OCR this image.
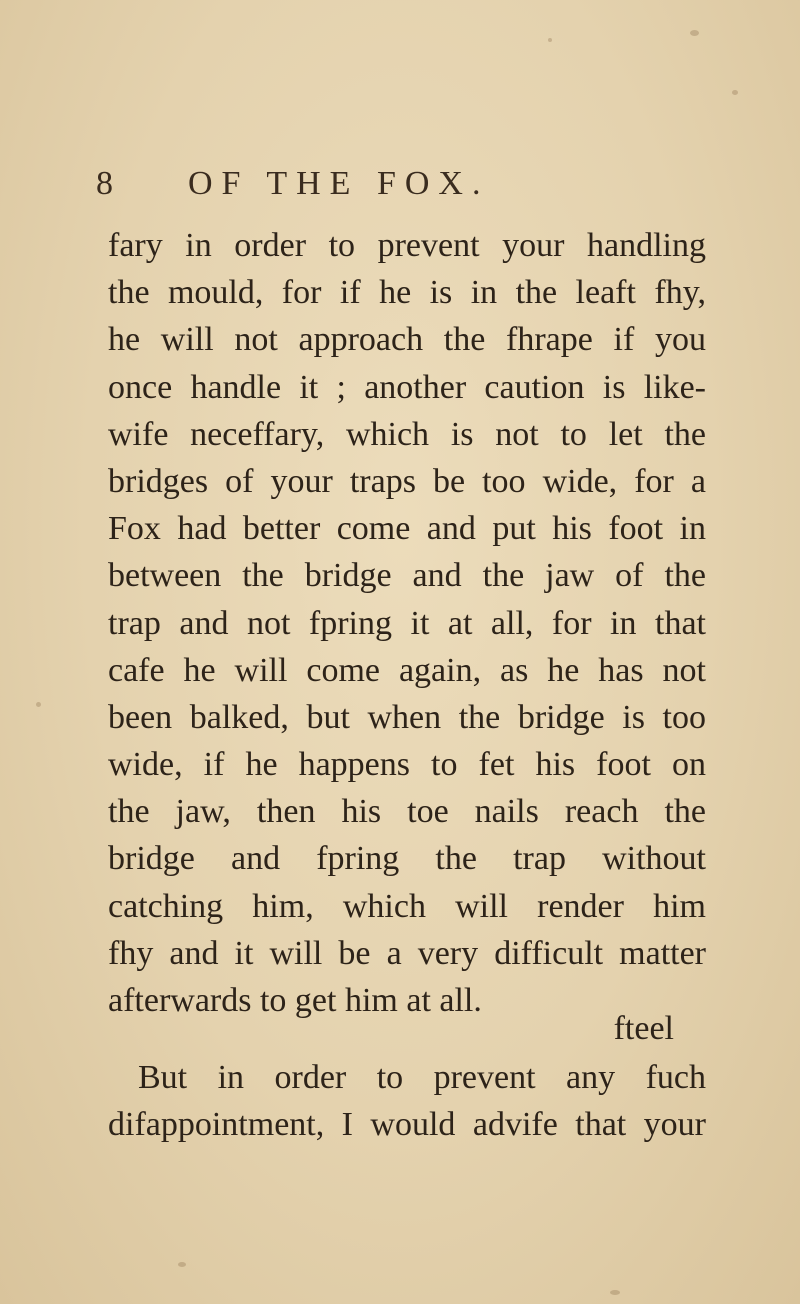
8 OF THE FOX.
fary in order to prevent your handling
the mould, for if he is in the leaft fhy,
he will not approach the fhrape if you
once handle it ; another caution is like-
wife neceffary, which is not to let the
bridges of your traps be too wide, for a
Fox had better come and put his foot in
between the bridge and the jaw of the
trap and not fpring it at all, for in that
cafe he will come again, as he has not
been balked, but when the bridge is too
wide, if he happens to fet his foot on
the jaw, then his toe nails reach the
bridge and fpring the trap without
catching him, which will render him
fhy and it will be a very difficult matter
afterwards to get him at all.
But in order to prevent any fuch
difappointment, I would advife that your
fteel
